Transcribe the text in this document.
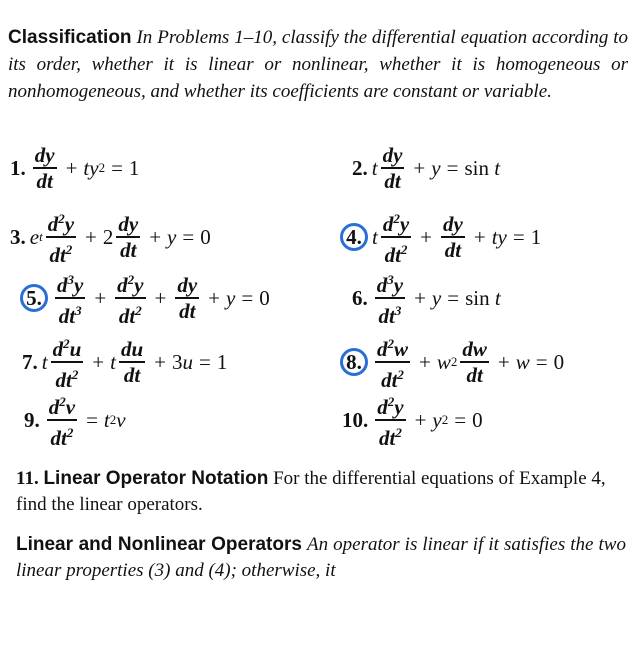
Classification In Problems 1–10, classify the differential equation according to its order, whether it is linear or nonlinear, whether it is homogeneous or nonhomogeneous, and whether its coefficients are constant or variable.

1. $\frac{dy}{dt}$ + ty 2 = 1	2. t $\frac{dy}{dt} + y = \sin t$
3. e t $\frac{d^2y}{dt^2} + 2 \frac{dy}{dt} + y = 0$	4. t $\frac{d^2y}{dt^2} + \frac{dy}{dt}$ + ty = 1
5. $\frac{d^3y}{dt^3} + \frac{d^2y}{dt^2} + \frac{dy}{dt} + y = 0$	6. $\frac{d^3y}{dt^3} + y = \sin t$
7. t $\frac{d^2u}{dt^2} + t \frac{du}{dt} + 3u = 1$	8. $\frac{d^2w}{dt^2} + w$ $2 \frac{dw}{dt} + w = 0$
9. $\frac{d^2v}{dt^2} = t$ 2 v	10. $\frac{d^2y}{dt^2} + y$ 2 = 0
11. Linear Operator Notation For the differential equations of Example 4, find the linear operators.

Linear and Nonlinear Operators An operator is linear if it satisfies the two linear properties (3) and (4); otherwise, it
